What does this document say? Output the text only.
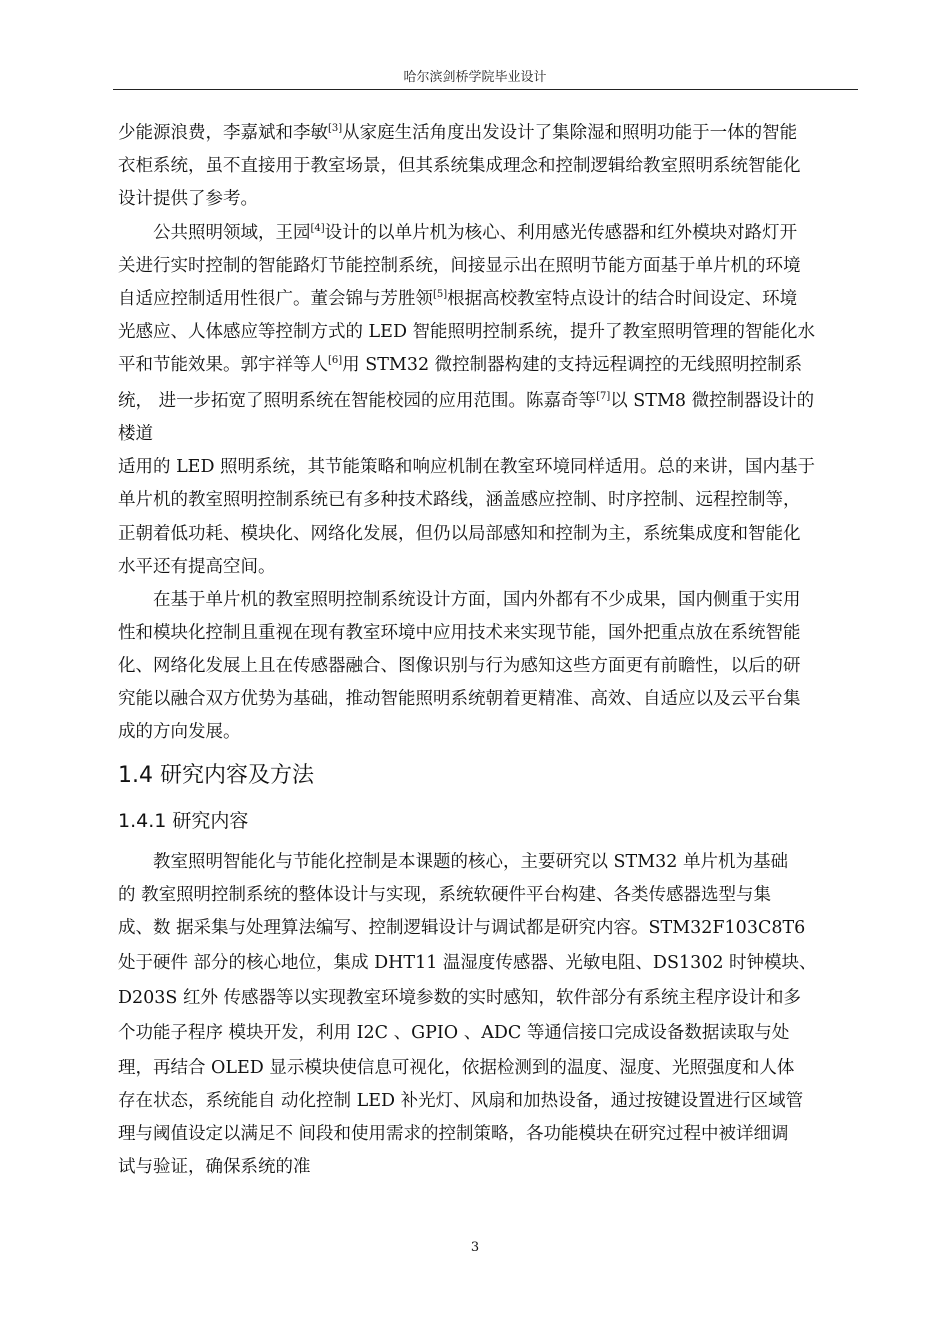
哈尔滨剑桥学院毕业设计
少能源浪费，李嘉斌和李敏[3]从家庭生活角度出发设计了集除湿和照明功能于一体的智能
衣柜系统，虽不直接用于教室场景，但其系统集成理念和控制逻辑给教室照明系统智能化
设计提供了参考。
公共照明领域，王园[4]设计的以单片机为核心、利用感光传感器和红外模块对路灯开
关进行实时控制的智能路灯节能控制系统，间接显示出在照明节能方面基于单片机的环境
自适应控制适用性很广。董会锦与芳胜领[5]根据高校教室特点设计的结合时间设定、环境
光感应、人体感应等控制方式的 LED 智能照明控制系统，提升了教室照明管理的智能化水
平和节能效果。郭宇祥等人[6]用 STM32 微控制器构建的支持远程调控的无线照明控制系
统， 进一步拓宽了照明系统在智能校园的应用范围。陈嘉奇等[7]以 STM8 微控制器设计的
楼道
适用的 LED 照明系统，其节能策略和响应机制在教室环境同样适用。总的来讲，国内基于
单片机的教室照明控制系统已有多种技术路线，涵盖感应控制、时序控制、远程控制等，
正朝着低功耗、模块化、网络化发展，但仍以局部感知和控制为主，系统集成度和智能化
水平还有提高空间。
在基于单片机的教室照明控制系统设计方面，国内外都有不少成果，国内侧重于实用
性和模块化控制且重视在现有教室环境中应用技术来实现节能，国外把重点放在系统智能
化、网络化发展上且在传感器融合、图像识别与行为感知这些方面更有前瞻性，以后的研
究能以融合双方优势为基础，推动智能照明系统朝着更精准、高效、自适应以及云平台集
成的方向发展。
1.4 研究内容及方法
1.4.1 研究内容
教室照明智能化与节能化控制是本课题的核心，主要研究以 STM32 单片机为基础
的 教室照明控制系统的整体设计与实现，系统软硬件平台构建、各类传感器选型与集
成、数 据采集与处理算法编写、控制逻辑设计与调试都是研究内容。STM32F103C8T6
处于硬件 部分的核心地位，集成 DHT11 温湿度传感器、光敏电阻、DS1302 时钟模块、
D203S 红外 传感器等以实现教室环境参数的实时感知，软件部分有系统主程序设计和多
个功能子程序 模块开发，利用 I2C 、GPIO 、ADC 等通信接口完成设备数据读取与处
理，再结合 OLED 显示模块使信息可视化，依据检测到的温度、湿度、光照强度和人体
存在状态，系统能自 动化控制 LED 补光灯、风扇和加热设备，通过按键设置进行区域管
理与阈值设定以满足不 间段和使用需求的控制策略，各功能模块在研究过程中被详细调
试与验证，确保系统的准
3
